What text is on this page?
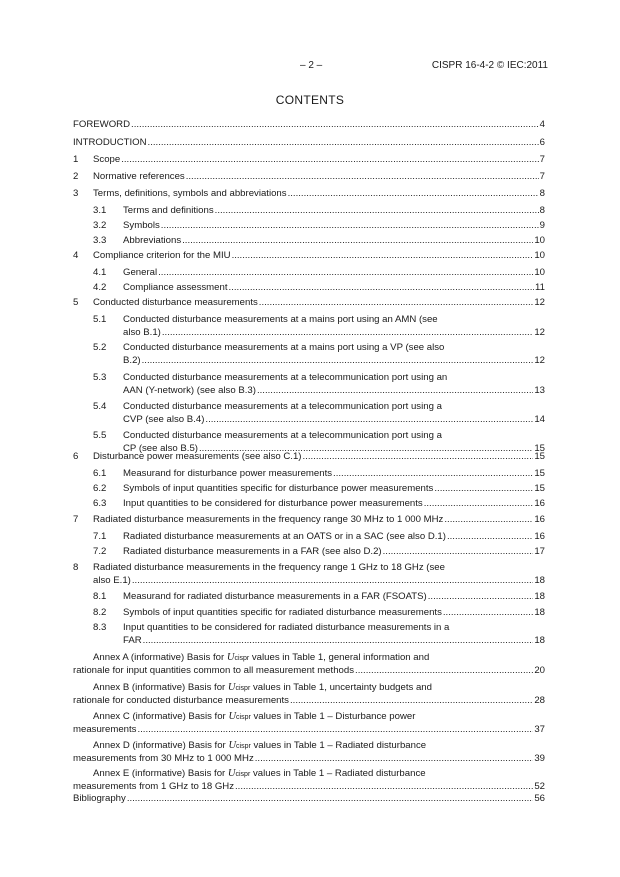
– 2 –	CISPR 16-4-2 © IEC:2011
CONTENTS
FOREWORD .....	4
INTRODUCTION .....	6
1 Scope .....	7
2 Normative references .....	7
3 Terms, definitions, symbols and abbreviations .....	8
3.1 Terms and definitions .....	8
3.2 Symbols .....	9
3.3 Abbreviations .....	10
4 Compliance criterion for the MIU .....	10
4.1 General .....	10
4.2 Compliance assessment .....	11
5 Conducted disturbance measurements .....	12
5.1 Conducted disturbance measurements at a mains port using an AMN (see
also B.1) .....	12
5.2 Conducted disturbance measurements at a mains port using a VP (see also
B.2) .....	12
5.3 Conducted disturbance measurements at a telecommunication port using an
AAN (Y-network) (see also B.3) .....	13
5.4 Conducted disturbance measurements at a telecommunication port using a
CVP (see also B.4) .....	14
5.5 Conducted disturbance measurements at a telecommunication port using a
CP (see also B.5) .....	15
6 Disturbance power measurements (see also C.1) .....	15
6.1 Measurand for disturbance power measurements .....	15
6.2 Symbols of input quantities specific for disturbance power measurements .....	15
6.3 Input quantities to be considered for disturbance power measurements .....	16
7 Radiated disturbance measurements in the frequency range 30 MHz to 1 000 MHz .....	16
7.1 Radiated disturbance measurements at an OATS or in a SAC (see also D.1) .....	16
7.2 Radiated disturbance measurements in a FAR (see also D.2) .....	17
8 Radiated disturbance measurements in the frequency range 1 GHz to 18 GHz (see
also E.1) .....	18
8.1 Measurand for radiated disturbance measurements in a FAR (FSOATS) .....	18
8.2 Symbols of input quantities specific for radiated disturbance measurements .....	18
8.3 Input quantities to be considered for radiated disturbance measurements in a
FAR .....	18
Annex A (informative) Basis for Ucispr values in Table 1, general information and
rationale for input quantities common to all measurement methods .....	20
Annex B (informative) Basis for Ucispr values in Table 1, uncertainty budgets and
rationale for conducted disturbance measurements .....	28
Annex C (informative) Basis for Ucispr values in Table 1 – Disturbance power
measurements .....	37
Annex D (informative) Basis for Ucispr values in Table 1 – Radiated disturbance
measurements from 30 MHz to 1 000 MHz .....	39
Annex E (informative) Basis for Ucispr values in Table 1 – Radiated disturbance
measurements from 1 GHz to 18 GHz .....	52
Bibliography .....	56
